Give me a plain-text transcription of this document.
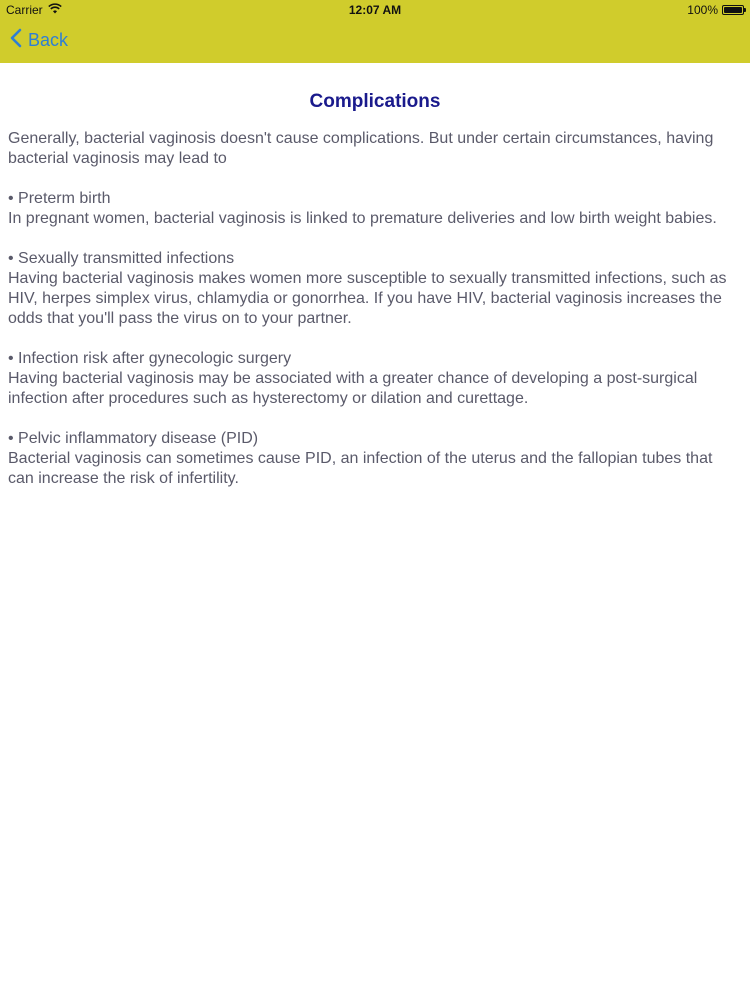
Carrier	12:07 AM	100%
Back
Complications

Generally, bacterial vaginosis doesn't cause complications. But under certain circumstances, having bacterial vaginosis may lead to

• Preterm birth
In pregnant women, bacterial vaginosis is linked to premature deliveries and low birth weight babies.
• Sexually transmitted infections
Having bacterial vaginosis makes women more susceptible to sexually transmitted infections, such as HIV, herpes simplex virus, chlamydia or gonorrhea. If you have HIV, bacterial vaginosis increases the odds that you'll pass the virus on to your partner.
• Infection risk after gynecologic surgery
Having bacterial vaginosis may be associated with a greater chance of developing a post-surgical infection after procedures such as hysterectomy or dilation and curettage.
• Pelvic inflammatory disease (PID)
Bacterial vaginosis can sometimes cause PID, an infection of the uterus and the fallopian tubes that can increase the risk of infertility.
